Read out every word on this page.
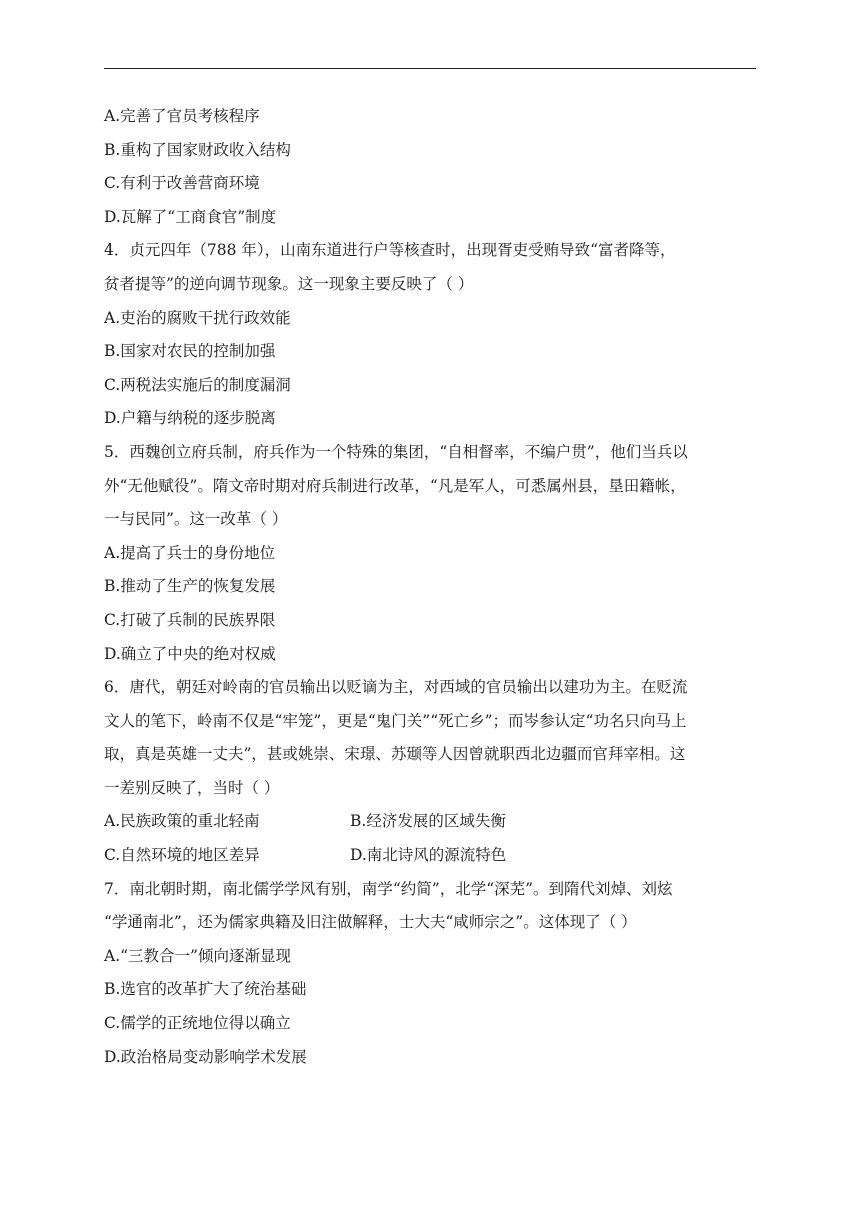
A.完善了官员考核程序
B.重构了国家财政收入结构
C.有利于改善营商环境
D.瓦解了“工商食官”制度
4．贞元四年（788 年），山南东道进行户等核查时，出现胥吏受贿导致“富者降等，
贫者提等”的逆向调节现象。这一现象主要反映了（ ）
A.吏治的腐败干扰行政效能
B.国家对农民的控制加强
C.两税法实施后的制度漏洞
D.户籍与纳税的逐步脱离
5．西魏创立府兵制，府兵作为一个特殊的集团，“自相督率，不编户贯”，他们当兵以
外“无他赋役”。隋文帝时期对府兵制进行改革，“凡是军人，可悉属州县，垦田籍帐，
一与民同”。这一改革（ ）
A.提高了兵士的身份地位
B.推动了生产的恢复发展
C.打破了兵制的民族界限
D.确立了中央的绝对权威
6．唐代，朝廷对岭南的官员输出以贬谪为主，对西域的官员输出以建功为主。在贬流
文人的笔下，岭南不仅是“牢笼”，更是“鬼门关”“死亡乡”；而岑参认定“功名只向马上
取，真是英雄一丈夫”，甚或姚崇、宋璟、苏颋等人因曾就职西北边疆而官拜宰相。这
一差别反映了，当时（ ）
A.民族政策的重北轻南	B.经济发展的区域失衡
C.自然环境的地区差异	D.南北诗风的源流特色
7．南北朝时期，南北儒学学风有别，南学“约简”，北学“深芜”。到隋代刘焯、刘炫
“学通南北”，还为儒家典籍及旧注做解释，士大夫“咸师宗之”。这体现了（ ）
A.“三教合一”倾向逐渐显现
B.选官的改革扩大了统治基础
C.儒学的正统地位得以确立
D.政治格局变动影响学术发展
